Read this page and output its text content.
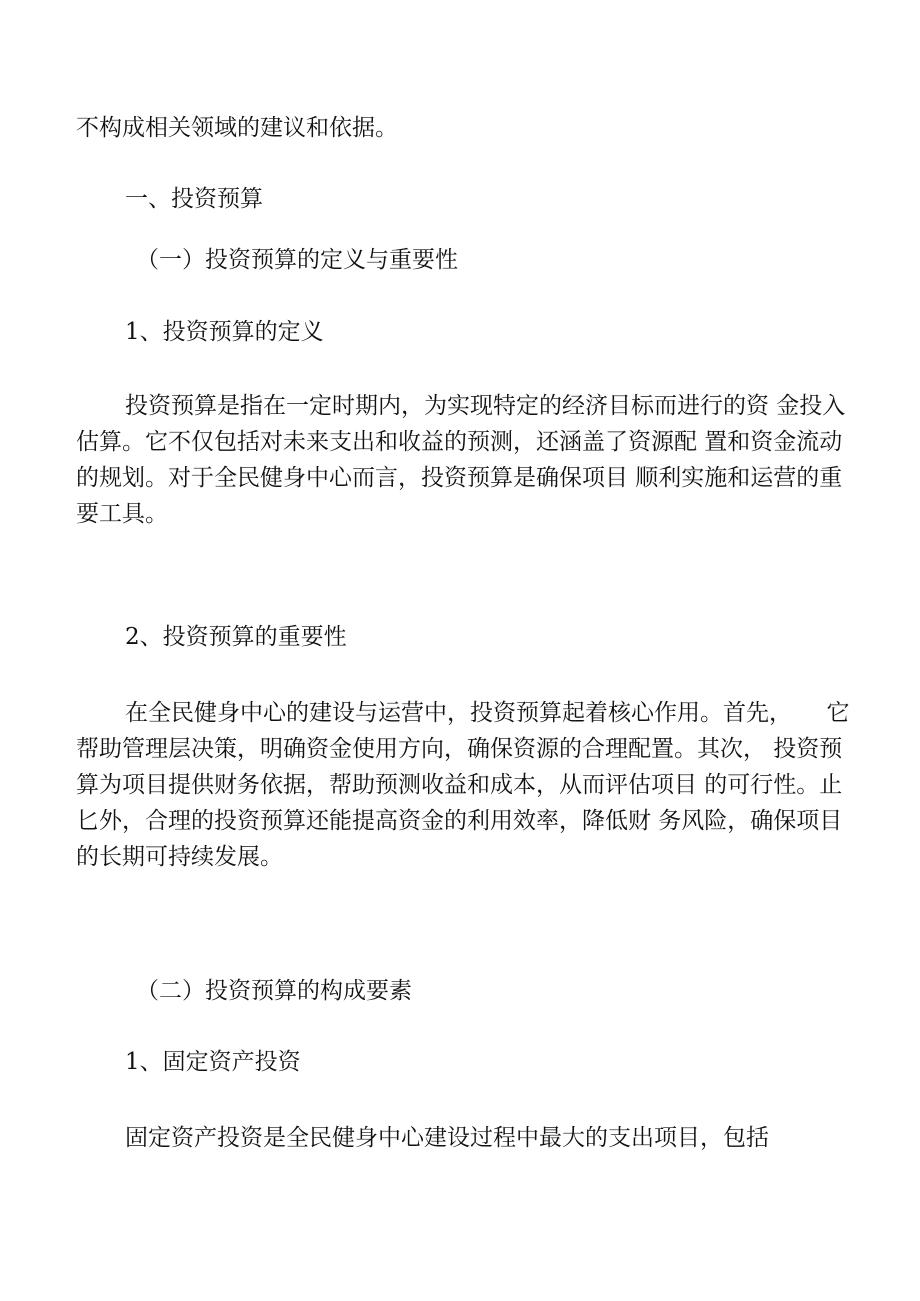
不构成相关领域的建议和依据。
一、投资预算
（一）投资预算的定义与重要性
1、投资预算的定义
投资预算是指在一定时期内，为实现特定的经济目标而进行的资 金投入
估算。它不仅包括对未来支出和收益的预测，还涵盖了资源配 置和资金流动
的规划。对于全民健身中心而言，投资预算是确保项目 顺利实施和运营的重
要工具。
2、投资预算的重要性
在全民健身中心的建设与运营中，投资预算起着核心作用。首先，　　它
帮助管理层决策，明确资金使用方向，确保资源的合理配置。其次， 投资预
算为项目提供财务依据，帮助预测收益和成本，从而评估项目 的可行性。止
匕外，合理的投资预算还能提高资金的利用效率，降低财 务风险，确保项目
的长期可持续发展。
（二）投资预算的构成要素
1、固定资产投资
固定资产投资是全民健身中心建设过程中最大的支出项目，包括
